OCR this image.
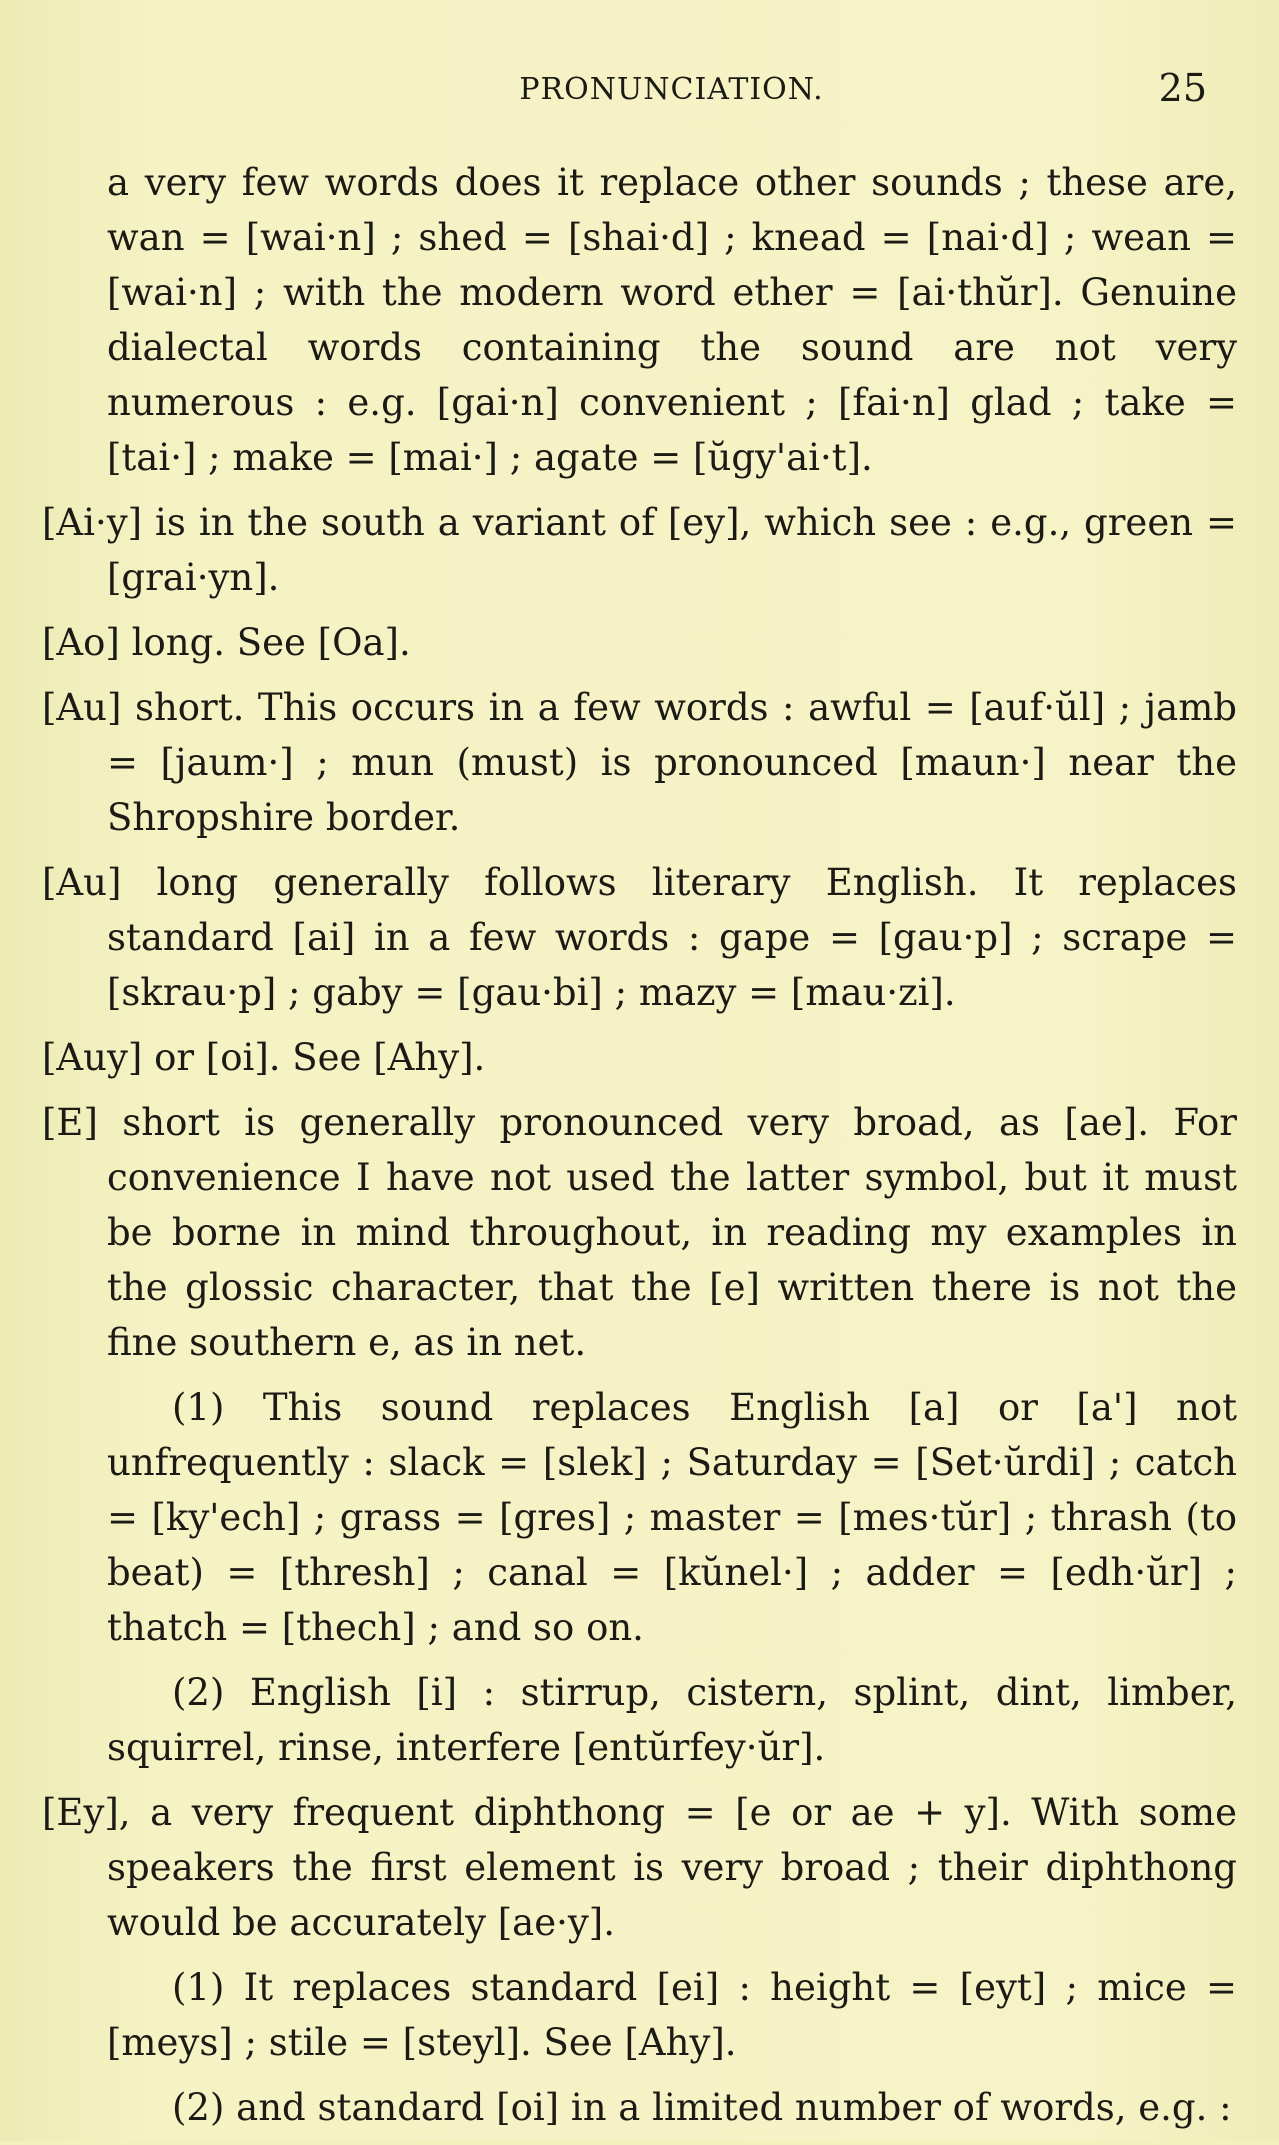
PRONUNCIATION.	25

a very few words does it replace other sounds ; these are, wan = [wai·n] ; shed = [shai·d] ; knead = [nai·d] ; wean = [wai·n] ; with the modern word ether = [ai·thŭr]. Genuine dialectal words containing the sound are not very numerous : e.g. [gai·n] convenient ; [fai·n] glad ; take = [tai·] ; make = [mai·] ; agate = [ŭgy'ai·t].

[Ai·y] is in the south a variant of [ey], which see : e.g., green = [grai·yn].

[Ao] long. See [Oa].

[Au] short. This occurs in a few words : awful = [auf·ŭl] ; jamb = [jaum·] ; mun (must) is pronounced [maun·] near the Shropshire border.

[Au] long generally follows literary English. It replaces standard [ai] in a few words : gape = [gau·p] ; scrape = [skrau·p] ; gaby = [gau·bi] ; mazy = [mau·zi].

[Auy] or [oi]. See [Ahy].

[E] short is generally pronounced very broad, as [ae]. For convenience I have not used the latter symbol, but it must be borne in mind throughout, in reading my examples in the glossic character, that the [e] written there is not the fine southern e, as in net.

(1) This sound replaces English [a] or [a'] not unfrequently : slack = [slek] ; Saturday = [Set·ŭrdi] ; catch = [ky'ech] ; grass = [gres] ; master = [mes·tŭr] ; thrash (to beat) = [thresh] ; canal = [kŭnel·] ; adder = [edh·ŭr] ; thatch = [thech] ; and so on.

(2) English [i] : stirrup, cistern, splint, dint, limber, squirrel, rinse, interfere [entŭrfey·ŭr].

[Ey], a very frequent diphthong = [e or ae + y]. With some speakers the first element is very broad ; their diphthong would be accurately [ae·y].

(1) It replaces standard [ei] : height = [eyt] ; mice = [meys] ; stile = [steyl]. See [Ahy].

(2) and standard [oi] in a limited number of words, e.g. :
